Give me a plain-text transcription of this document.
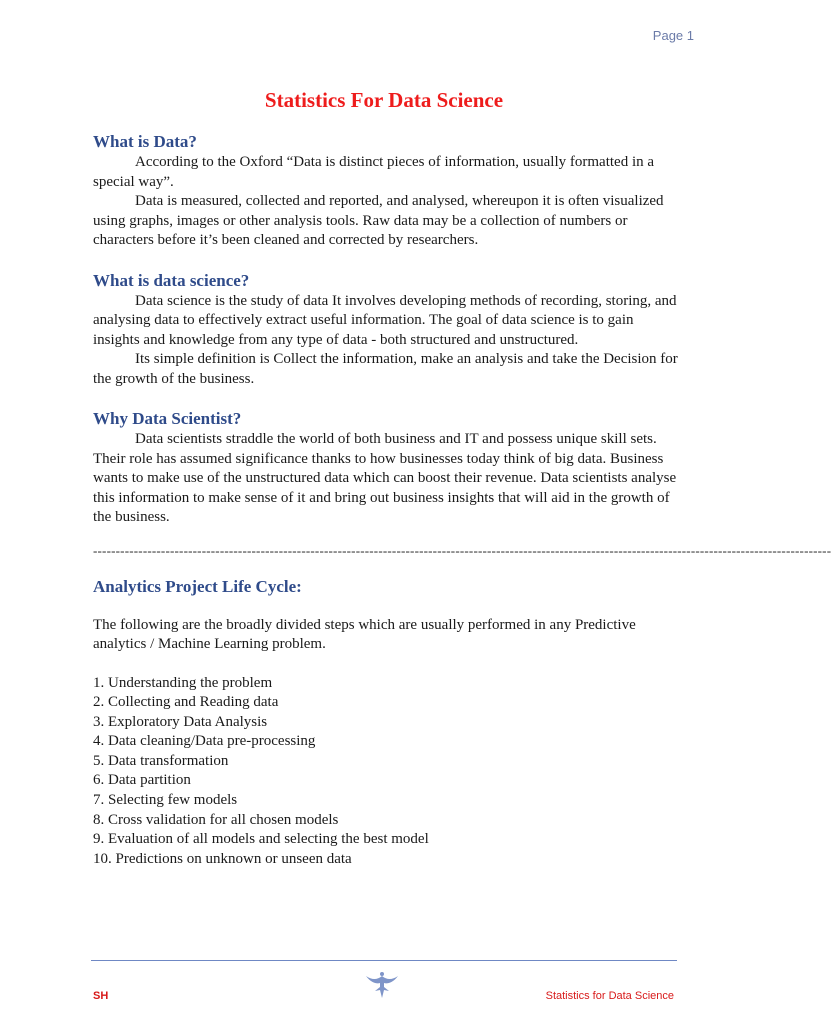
Page 1
Statistics For Data Science
What is Data?

According to the Oxford “Data is distinct pieces of information, usually formatted in a special way”.

Data is measured, collected and reported, and analysed, whereupon it is often visualized using graphs, images or other analysis tools. Raw data may be a collection of numbers or characters before it’s been cleaned and corrected by researchers.

What is data science?

Data science is the study of data It involves developing methods of recording, storing, and analysing data to effectively extract useful information. The goal of data science is to gain insights and knowledge from any type of data - both structured and unstructured.

Its simple definition is Collect the information, make an analysis and take the Decision for the growth of the business.

Why Data Scientist?

Data scientists straddle the world of both business and IT and possess unique skill sets. Their role has assumed significance thanks to how businesses today think of big data. Business wants to make use of the unstructured data which can boost their revenue. Data scientists analyse this information to make sense of it and bring out business insights that will aid in the growth of the business.

-------------------------------------------------------------------------------------------------------------------------------------------------------------------
Analytics Project Life Cycle:

The following are the broadly divided steps which are usually performed in any Predictive analytics / Machine Learning problem.

1. Understanding the problem
2. Collecting and Reading data
3. Exploratory Data Analysis
4. Data cleaning/Data pre-processing
5. Data transformation
6. Data partition
7. Selecting few models
8. Cross validation for all chosen models
9. Evaluation of all models and selecting the best model
10. Predictions on unknown or unseen data
SH	Statistics for Data Science
